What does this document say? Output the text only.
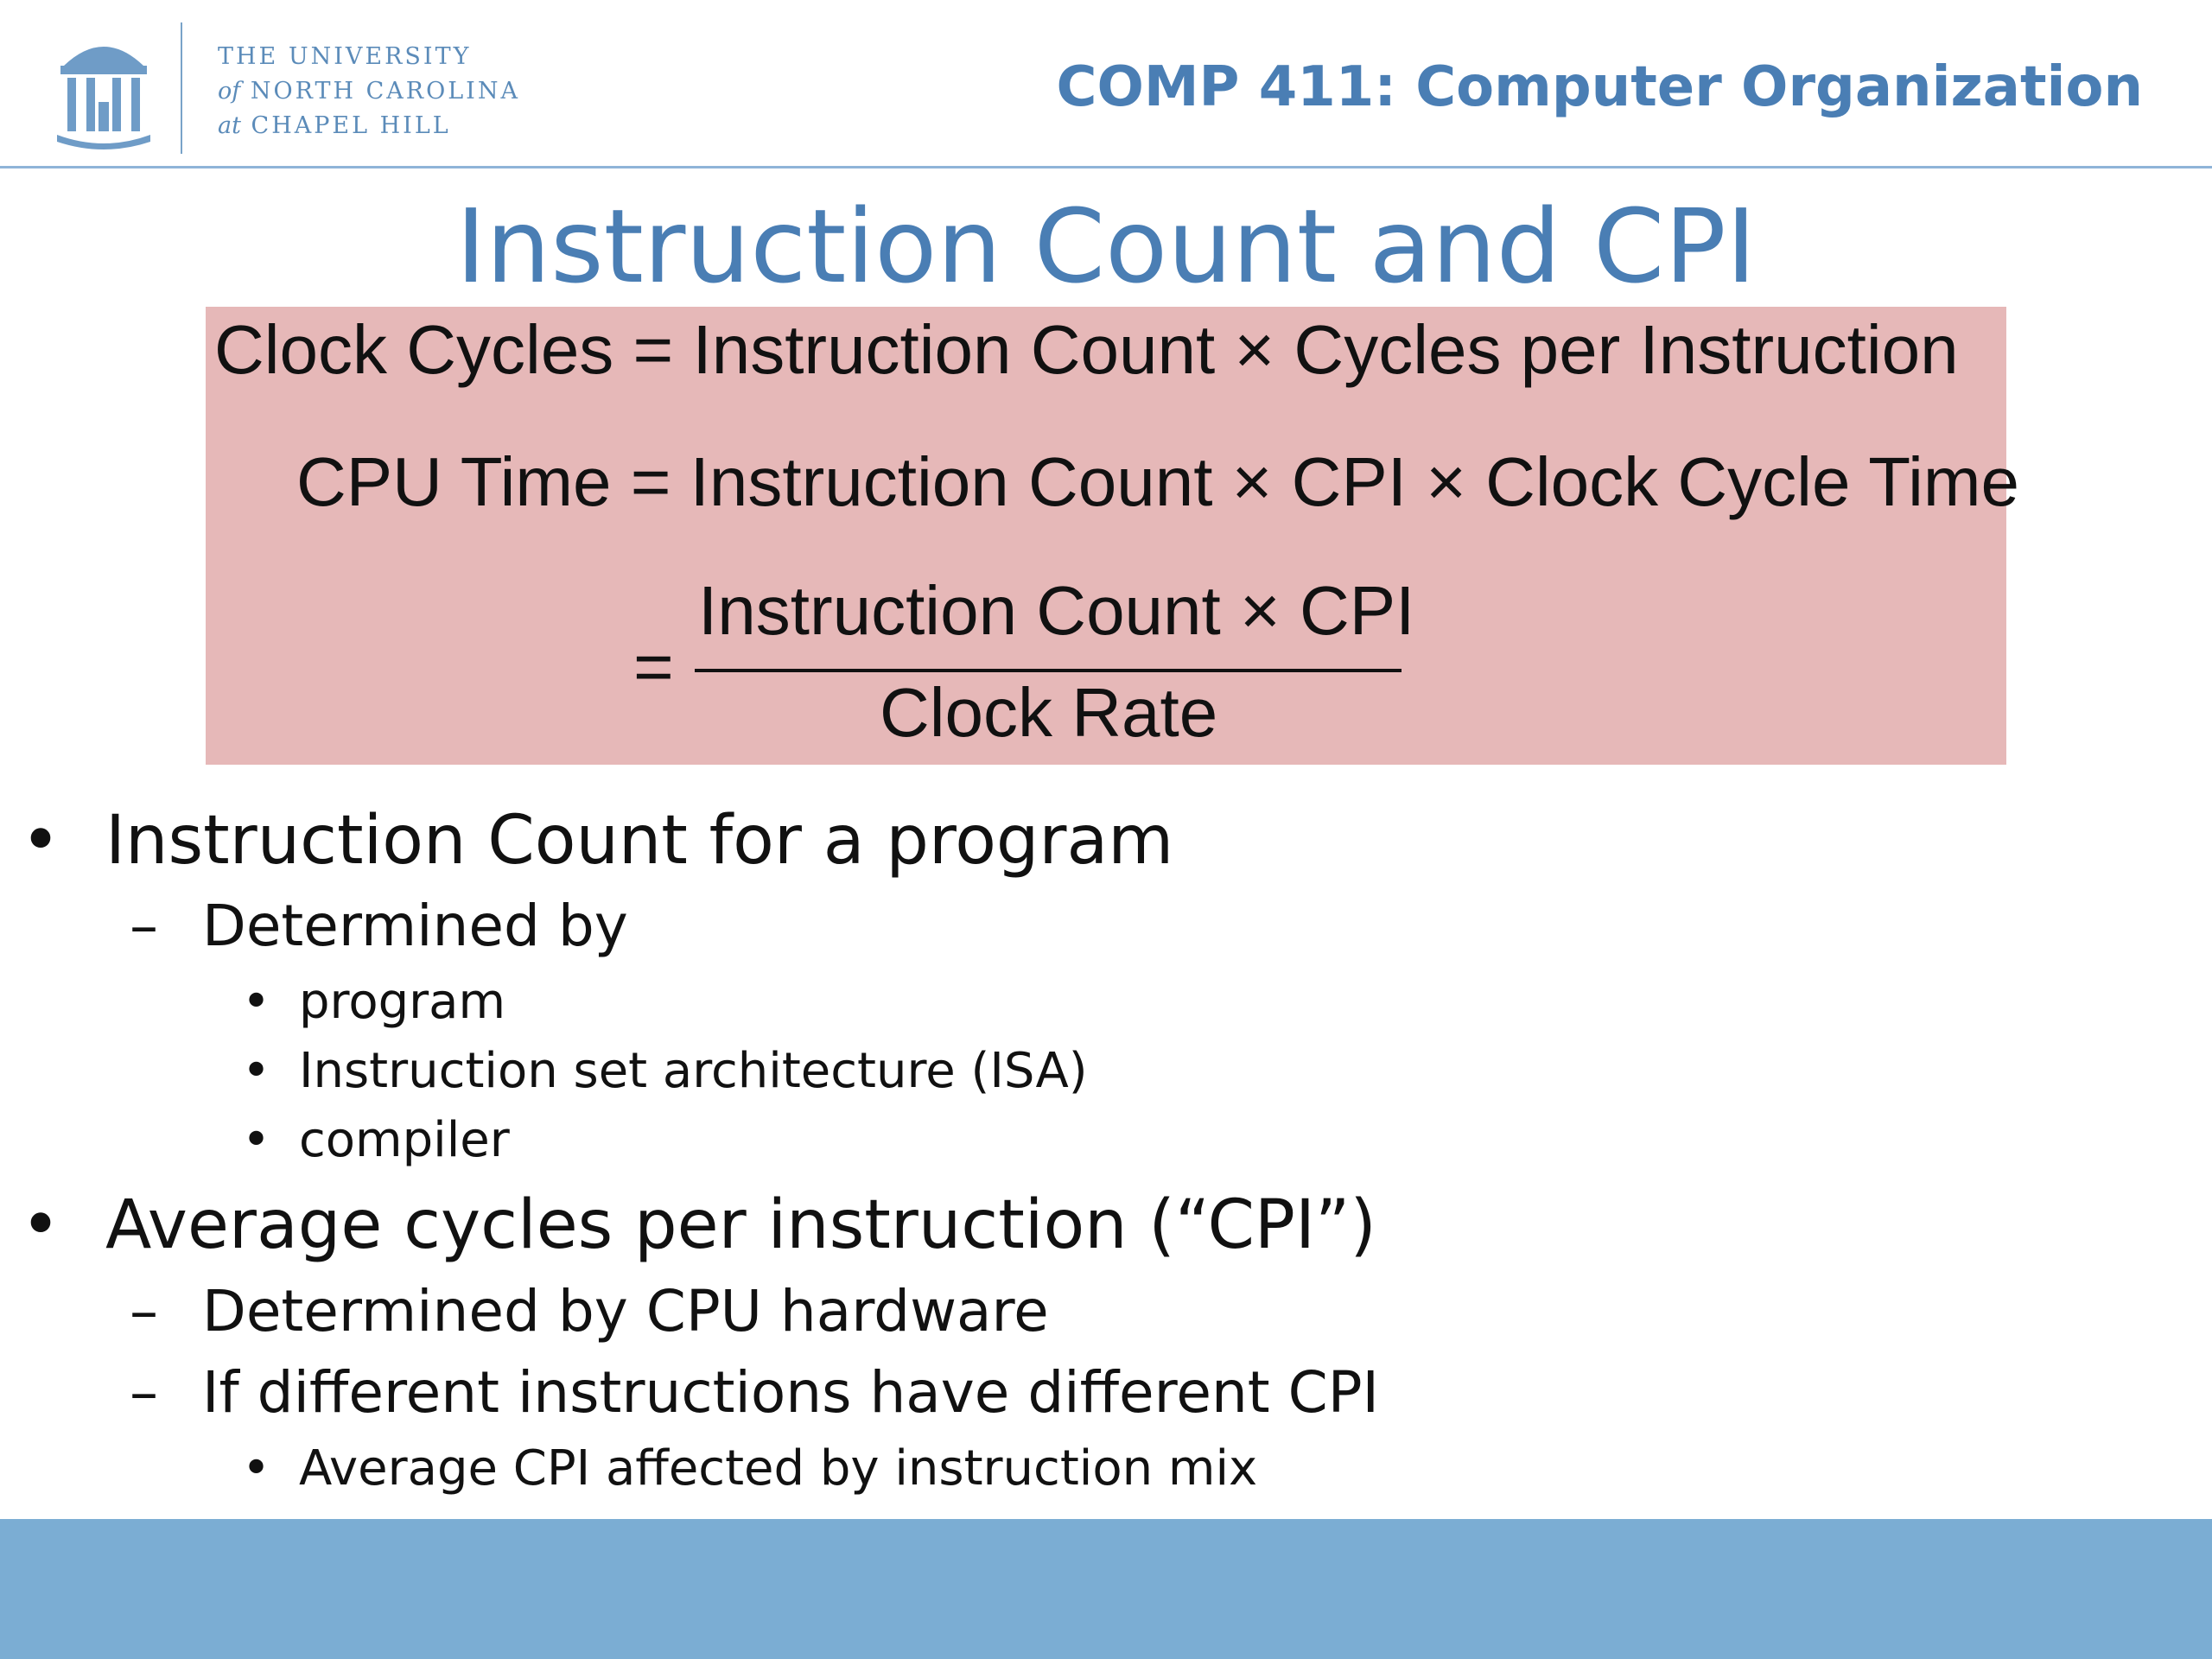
THE UNIVERSITY
of NORTH CAROLINA
at CHAPEL HILL
COMP 411: Computer Organization
Instruction Count and CPI
Clock Cycles = Instruction Count × Cycles per Instruction
CPU Time = Instruction Count × CPI × Clock Cycle Time
=
Instruction Count × CPI
Clock Rate
• Instruction Count for a program
– Determined by
• program
• Instruction set architecture (ISA)
• compiler
• Average cycles per instruction (“CPI”)
– Determined by CPU hardware
– If different instructions have different CPI
• Average CPI affected by instruction mix
